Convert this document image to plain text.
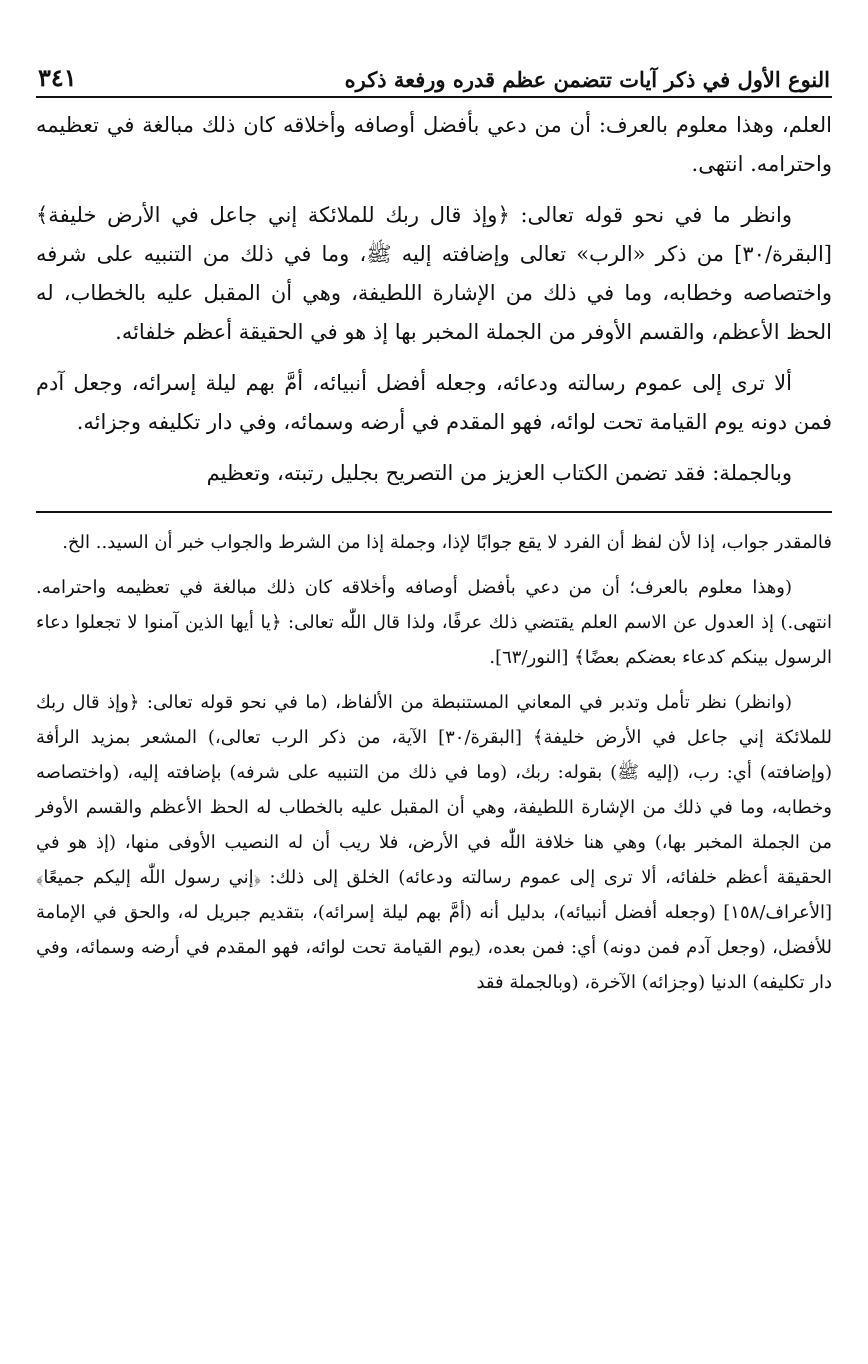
النوع الأول في ذكر آيات تتضمن عظم قدره ورفعة ذكره
٣٤١

العلم، وهذا معلوم بالعرف: أن من دعي بأفضل أوصافه وأخلاقه كان ذلك مبالغة في تعظيمه واحترامه. انتهى.

وانظر ما في نحو قوله تعالى: ﴿وإذ قال ربك للملائكة إني جاعل في الأرض خليفة﴾ [البقرة/٣٠] من ذكر «الرب» تعالى وإضافته إليه ﷺ، وما في ذلك من التنبيه على شرفه واختصاصه وخطابه، وما في ذلك من الإشارة اللطيفة، وهي أن المقبل عليه بالخطاب، له الحظ الأعظم، والقسم الأوفر من الجملة المخبر بها إذ هو في الحقيقة أعظم خلفائه.

ألا ترى إلى عموم رسالته ودعائه، وجعله أفضل أنبيائه، أمَّ بهم ليلة إسرائه، وجعل آدم فمن دونه يوم القيامة تحت لوائه، فهو المقدم في أرضه وسمائه، وفي دار تكليفه وجزائه.

وبالجملة: فقد تضمن الكتاب العزيز من التصريح بجليل رتبته، وتعظيم

فالمقدر جواب، إذا لأن لفظ أن الفرد لا يقع جوابًا لإذا، وجملة إذا من الشرط والجواب خبر أن السيد.. الخ.

(وهذا معلوم بالعرف؛ أن من دعي بأفضل أوصافه وأخلاقه كان ذلك مبالغة في تعظيمه واحترامه. انتهى.) إذ العدول عن الاسم العلم يقتضي ذلك عرفًا، ولذا قال اللّٰه تعالى: ﴿يا أيها الذين آمنوا لا تجعلوا دعاء الرسول بينكم كدعاء بعضكم بعضًا﴾ [النور/٦٣].

(وانظر) نظر تأمل وتدبر في المعاني المستنبطة من الألفاظ، (ما في نحو قوله تعالى: ﴿وإذ قال ربك للملائكة إني جاعل في الأرض خليفة﴾ [البقرة/٣٠] الآية، من ذكر الرب تعالى،) المشعر بمزيد الرأفة (وإضافته) أي: رب، (إليه ﷺ) بقوله: ربك، (وما في ذلك من التنبيه على شرفه) بإضافته إليه، (واختصاصه وخطابه، وما في ذلك من الإشارة اللطيفة، وهي أن المقبل عليه بالخطاب له الحظ الأعظم والقسم الأوفر من الجملة المخبر بها،) وهي هنا خلافة اللّٰه في الأرض، فلا ريب أن له النصيب الأوفى منها، (إذ هو في الحقيقة أعظم خلفائه، ألا ترى إلى عموم رسالته ودعائه) الخلق إلى ذلك: ﴿إني رسول اللّٰه إليكم جميعًا﴾ [الأعراف/١٥٨] (وجعله أفضل أنبيائه)، بدليل أنه (أمَّ بهم ليلة إسرائه)، بتقديم جبريل له، والحق في الإمامة للأفضل، (وجعل آدم فمن دونه) أي: فمن بعده، (يوم القيامة تحت لوائه، فهو المقدم في أرضه وسمائه، وفي دار تكليفه) الدنيا (وجزائه) الآخرة، (وبالجملة فقد
